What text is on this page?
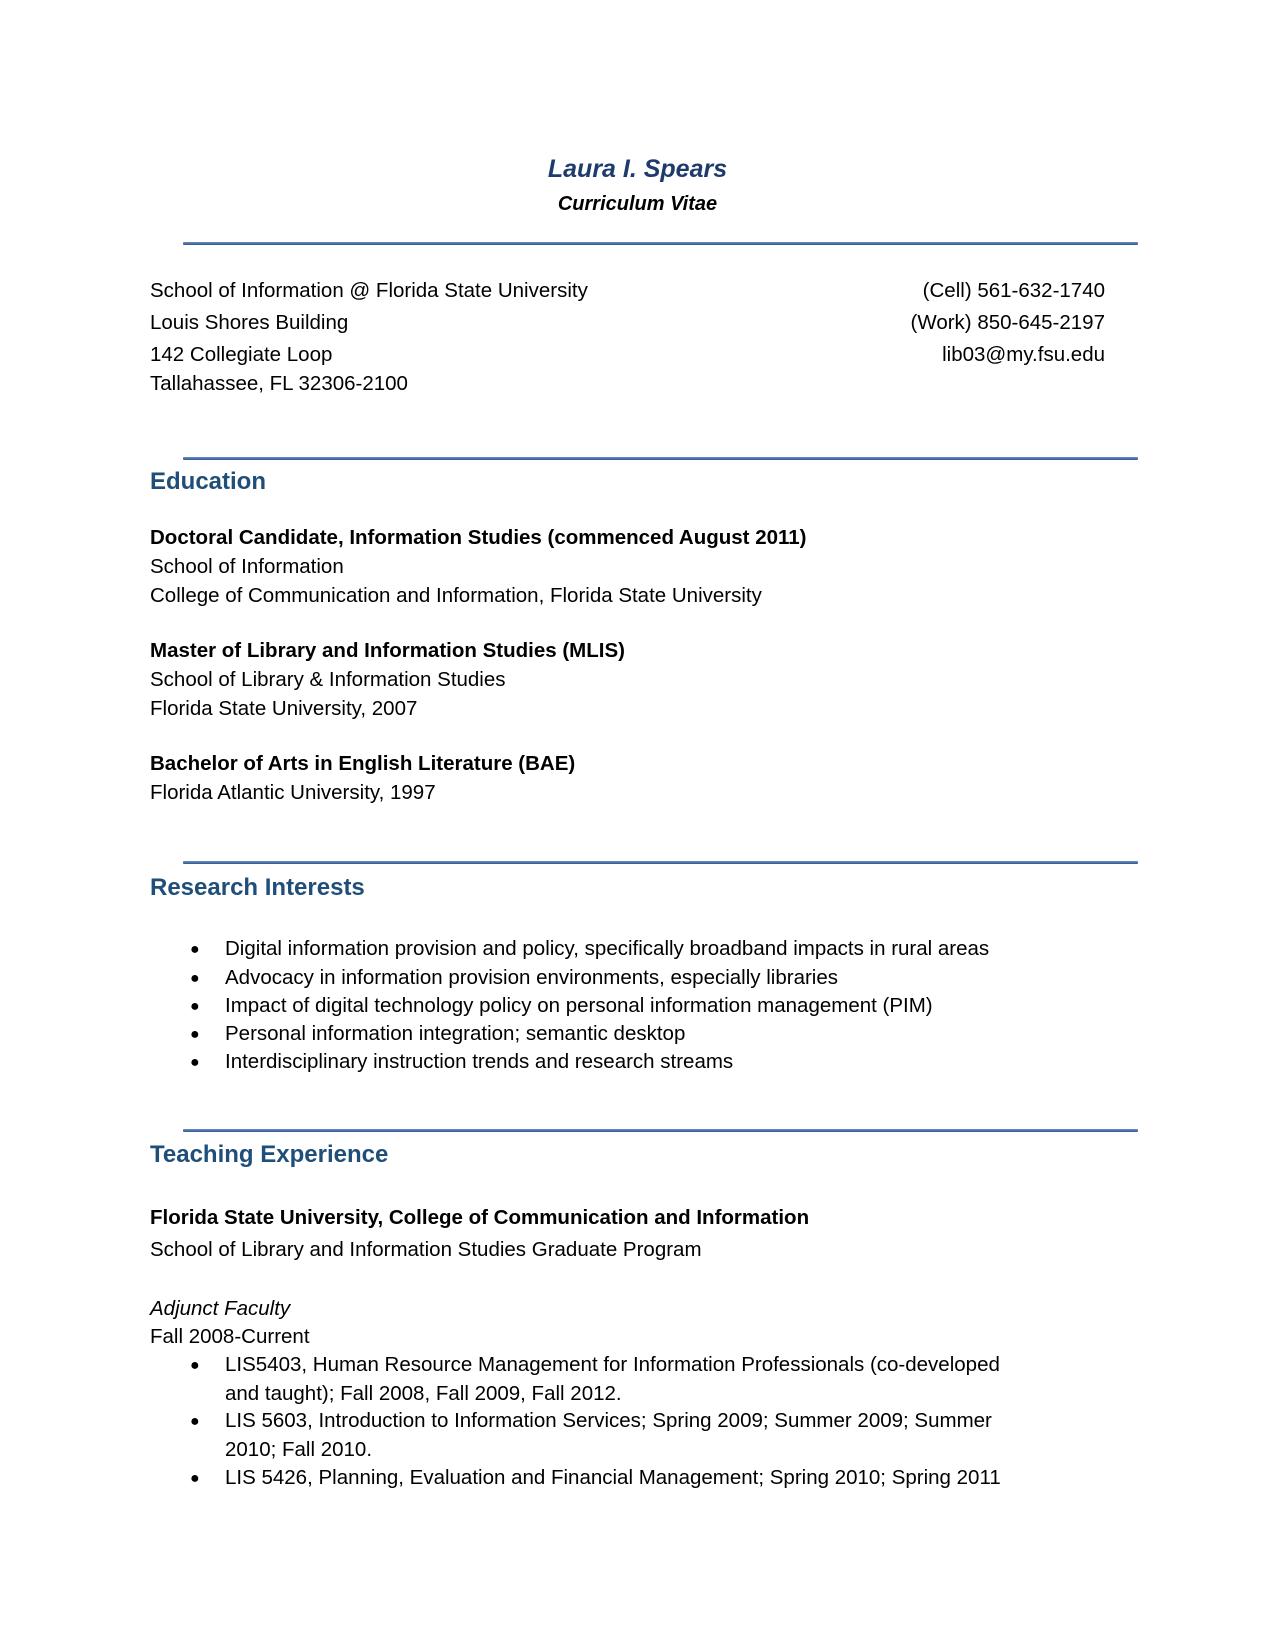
Laura I. Spears
Curriculum Vitae
School of Information @ Florida State University
Louis Shores Building
142 Collegiate Loop
Tallahassee, FL 32306-2100
(Cell) 561-632-1740
(Work) 850-645-2197
lib03@my.fsu.edu
Education
Doctoral Candidate, Information Studies (commenced August 2011)
School of Information
College of Communication and Information, Florida State University
Master of Library and Information Studies (MLIS)
School of Library & Information Studies
Florida State University, 2007
Bachelor of Arts in English Literature (BAE)
Florida Atlantic University, 1997
Research Interests
● Digital information provision and policy, specifically broadband impacts in rural areas
● Advocacy in information provision environments, especially libraries
● Impact of digital technology policy on personal information management (PIM)
● Personal information integration; semantic desktop
● Interdisciplinary instruction trends and research streams
Teaching Experience
Florida State University, College of Communication and Information
School of Library and Information Studies Graduate Program
Adjunct Faculty
Fall 2008-Current
● LIS5403, Human Resource Management for Information Professionals (co-developed
and taught); Fall 2008, Fall 2009, Fall 2012.
● LIS 5603, Introduction to Information Services; Spring 2009; Summer 2009; Summer
2010; Fall 2010.
● LIS 5426, Planning, Evaluation and Financial Management; Spring 2010; Spring 2011
